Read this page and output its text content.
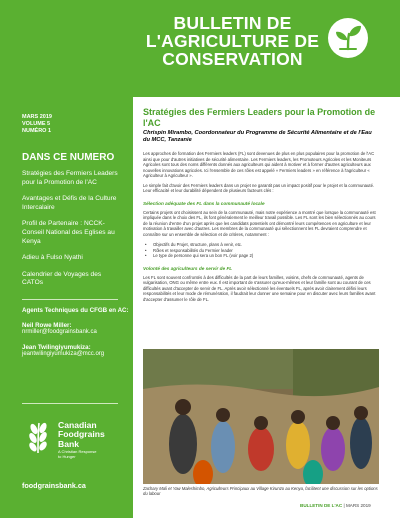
BULLETIN DE
L'AGRICULTURE DE
CONSERVATION
MARS 2019
VOLUME 5
NUMÉRO 1
DANS CE NUMERO
Stratégies des Fermiers Leaders pour la Promotion de l'AC
Avantages et Défis de la Culture Intercalaire
Profil de Partenaire : NCCK-Conseil National des Eglises au Kenya
Adieu à Fulso Nyathi
Calendrier de Voyages des CATOs
Agents Techniques du CFGB en AC:
Neil Rowe Miller:
nrmiller@foodgrainsbank.ca
Jean Twilingiyumukiza:
jeantwilingiyumukiza@mcc.org
Canadian
Foodgrains
Bank
A Christian Response
to Hunger
foodgrainsbank.ca
Stratégies des Fermiers Leaders pour la Promotion de l'AC
Chrispin Mirambo, Coordonnateur du Programme de Sécurité Alimentaire et de l'Eau du MCC, Tanzanie
Les approches de formation des Fermiers leaders (FL) sont devenues de plus en plus populaires pour la promotion de l'AC ainsi que pour d'autres initiatives de sécurité alimentaire. Les Fermiers leaders, les Promoteurs Agricoles et les Moniteurs Agricoles sont tous des noms différents donnés aux agriculteurs qui aident à motiver et à former d'autres agriculteurs aux nouvelles innovations agricoles. Ici l'ensemble de ces rôles est appelé « Fermiers leaders » en référence à l'agriculteur « Agriculteur à Agriculteur ».
Le simple fait d'avoir des Fermiers leaders dans un projet ne garantit pas un impact positif pour le projet et la communauté. Leur efficacité et leur durabilité dépendent de plusieurs facteurs clés :
Sélection adéquate des FL dans la communauté locale
Certains projets ont choisissent au sein de la communauté, mais notre expérience a montré que lorsque la communauté est impliquée dans le choix des FL, ils font généralement le meilleur travail possible. Les FL sont les bien sélectionnés au cours de la réunion d'entre d'un projet après que les candidats potentiels ont démontré leurs compétences en agriculture et leur motivation à travailler avec d'autres. Les membres de la communauté qui sélectionnent les FL devraient comprendre et connaître sur un ensemble de sélection et de critères, notamment :
• Objectifs du Projet, structure, plans à venir, etc.
• Rôles et responsabilités du Fermier leader
• Le type de personne qui sera un bon FL (voir page 2)
Volonté des agriculteurs de servir de FL
Les FL sont souvent confrontés à des difficultés de la part de leurs familles, voisins, chefs de communauté, agents de vulgarisation, ONG ou même entre eux. Il est important de s'assurer qu'eux-mêmes et leur famille sont au courant de ces difficultés avant d'accepter de servir de FL. Après avoir sélectionné les éventuels FL, après avoir clairement défini leurs responsabilités et leur mode de rémunération, il faudrait leur donner une semaine pour en discuter avec leurs familles avant d'accepter d'assumer le rôle de FL.
Zachary Mali et Yaw Maleshimbo, Agriculteurs Principaux au Village Kirunzo au Kenya, facilitent une discussion sur les options du labour
BULLETIN DE L'AC | MARS 2019
